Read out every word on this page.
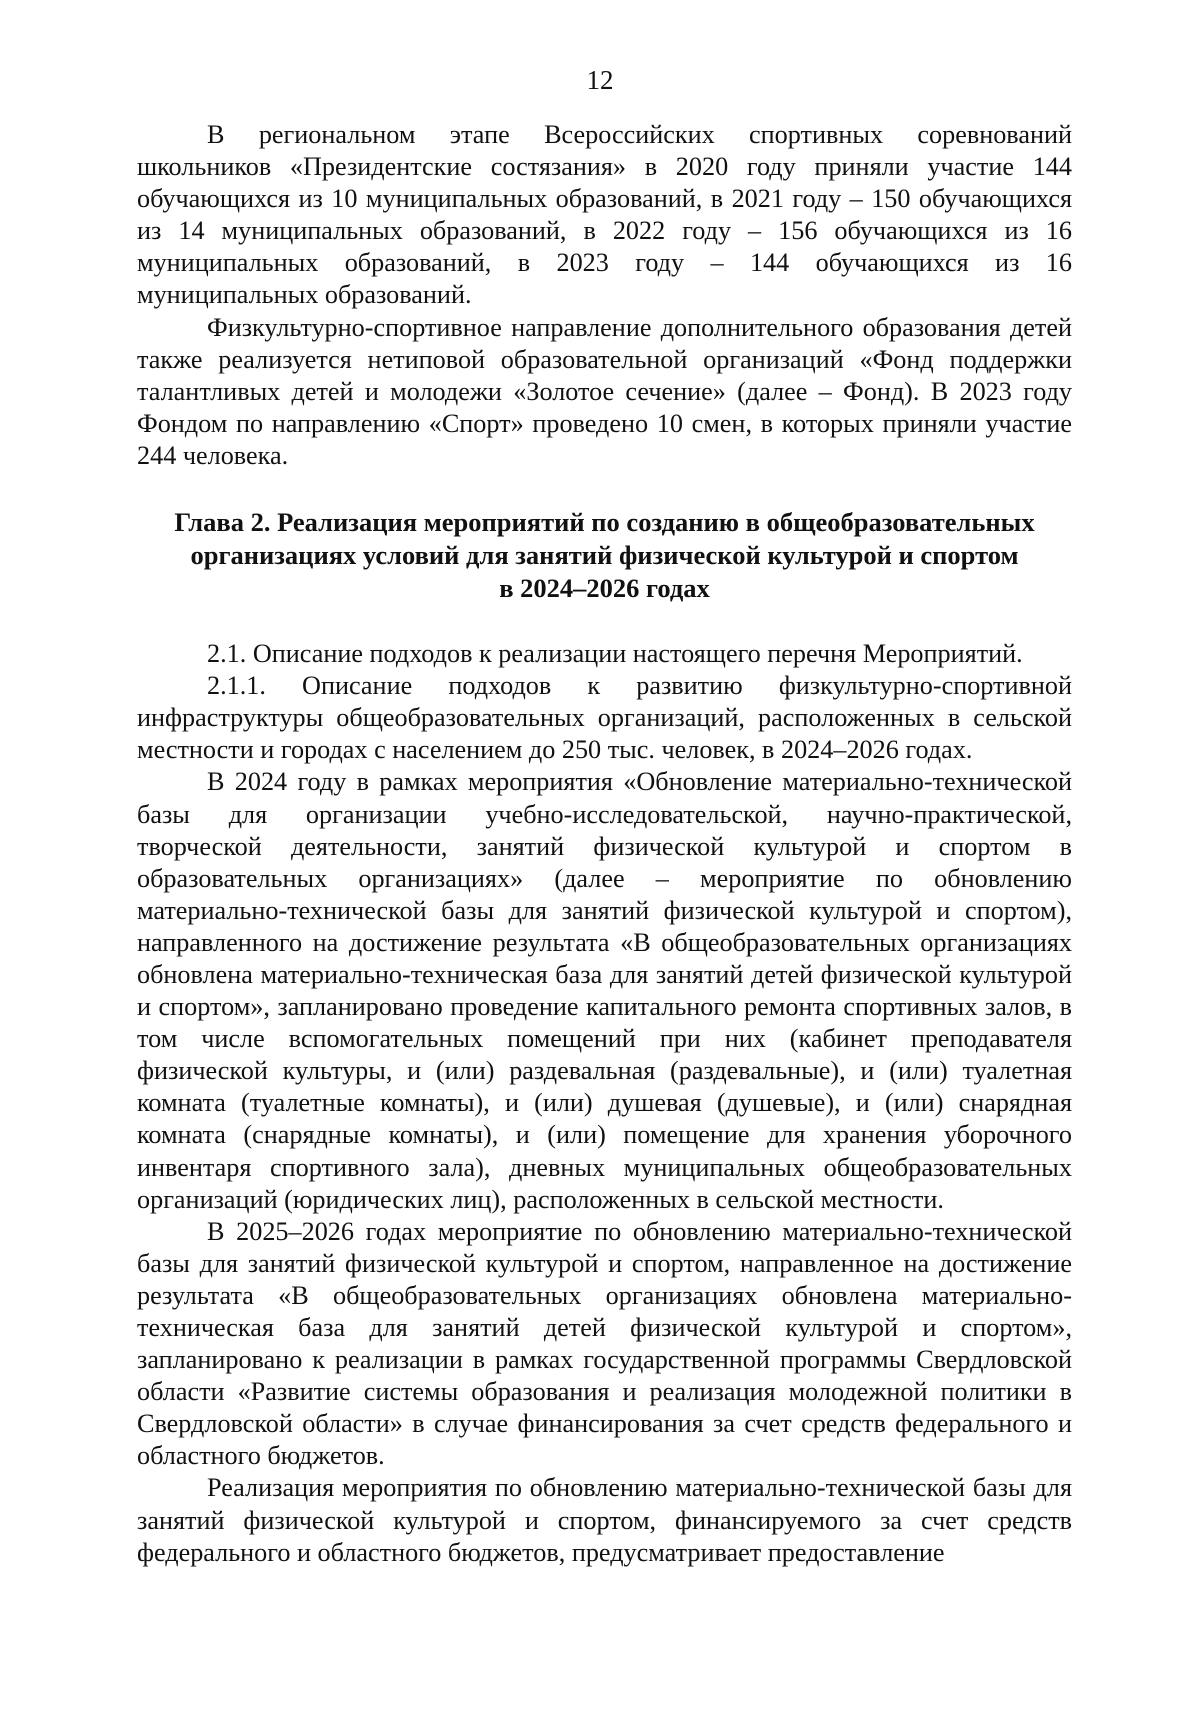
12

В региональном этапе Всероссийских спортивных соревнований школьников «Президентские состязания» в 2020 году приняли участие 144 обучающихся из 10 муниципальных образований, в 2021 году – 150 обучающихся из 14 муниципальных образований, в 2022 году – 156 обучающихся из 16 муниципальных образований, в 2023 году – 144 обучающихся из 16 муниципальных образований.

Физкультурно-спортивное направление дополнительного образования детей также реализуется нетиповой образовательной организаций «Фонд поддержки талантливых детей и молодежи «Золотое сечение» (далее – Фонд). В 2023 году Фондом по направлению «Спорт» проведено 10 смен, в которых приняли участие 244 человека.

Глава 2. Реализация мероприятий по созданию в общеобразовательных
организациях условий для занятий физической культурой и спортом
в 2024–2026 годах

2.1. Описание подходов к реализации настоящего перечня Мероприятий.

2.1.1. Описание подходов к развитию физкультурно-спортивной инфраструктуры общеобразовательных организаций, расположенных в сельской местности и городах с населением до 250 тыс. человек, в 2024–2026 годах.

В 2024 году в рамках мероприятия «Обновление материально-технической базы для организации учебно-исследовательской, научно-практической, творческой деятельности, занятий физической культурой и спортом в образовательных организациях» (далее – мероприятие по обновлению материально-технической базы для занятий физической культурой и спортом), направленного на достижение результата «В общеобразовательных организациях обновлена материально-техническая база для занятий детей физической культурой и спортом», запланировано проведение капитального ремонта спортивных залов, в том числе вспомогательных помещений при них (кабинет преподавателя физической культуры, и (или) раздевальная (раздевальные), и (или) туалетная комната (туалетные комнаты), и (или) душевая (душевые), и (или) снарядная комната (снарядные комнаты), и (или) помещение для хранения уборочного инвентаря спортивного зала), дневных муниципальных общеобразовательных организаций (юридических лиц), расположенных в сельской местности.

В 2025–2026 годах мероприятие по обновлению материально-технической базы для занятий физической культурой и спортом, направленное на достижение результата «В общеобразовательных организациях обновлена материально-техническая база для занятий детей физической культурой и спортом», запланировано к реализации в рамках государственной программы Свердловской области «Развитие системы образования и реализация молодежной политики в Свердловской области» в случае финансирования за счет средств федерального и областного бюджетов.

Реализация мероприятия по обновлению материально-технической базы для занятий физической культурой и спортом, финансируемого за счет средств федерального и областного бюджетов, предусматривает предоставление
